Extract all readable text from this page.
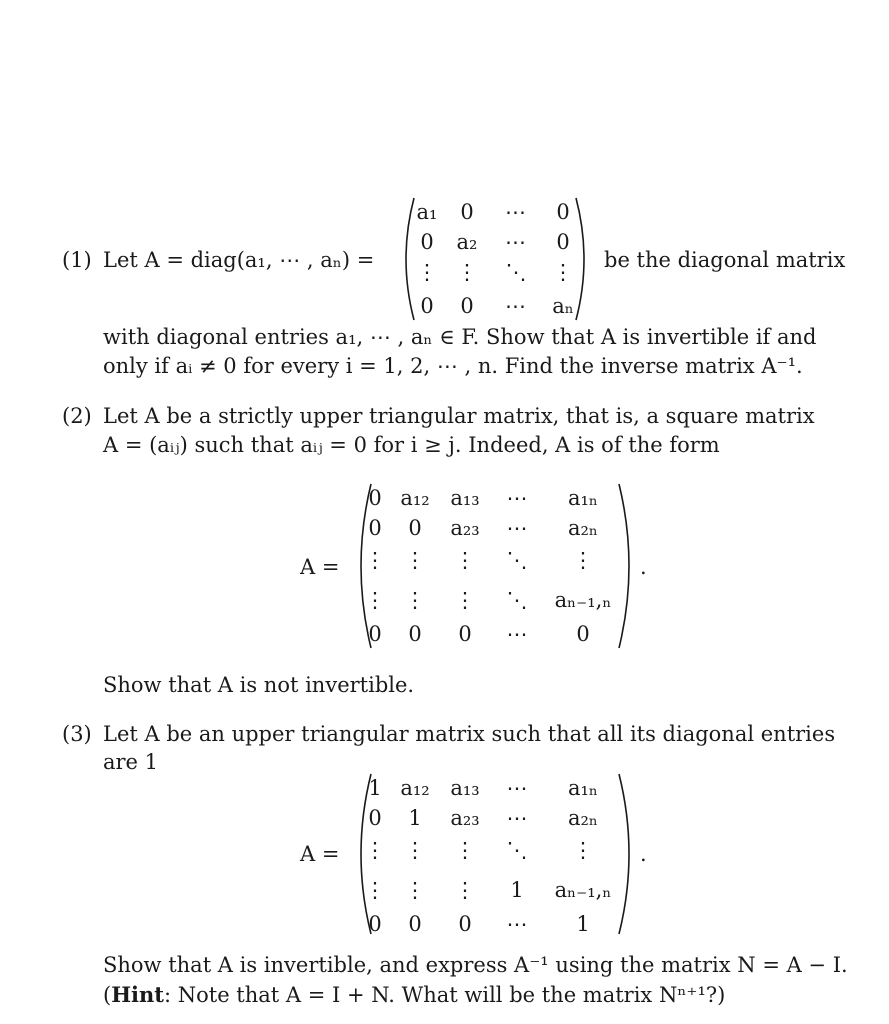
(1) Let A = diag(a₁, ⋯ , aₙ) =
a₁ 0 ⋯ 0
0 a₂ ⋯ 0
⋮ ⋮ ⋱ ⋮
0 0 ⋯ aₙ
be the diagonal matrix
with diagonal entries a₁, ⋯ , aₙ ∈ F. Show that A is invertible if and
only if aᵢ ≠ 0 for every i = 1, 2, ⋯ , n. Find the inverse matrix A⁻¹.
(2) Let A be a strictly upper triangular matrix, that is, a square matrix
A = (aᵢⱼ) such that aᵢⱼ = 0 for i ≥ j. Indeed, A is of the form
A =
0 a₁₂ a₁₃ ⋯ a₁ₙ
0 0 a₂₃ ⋯ a₂ₙ
⋮ ⋮ ⋮ ⋱ ⋮
⋮ ⋮ ⋮ ⋱ aₙ₋₁,ₙ
0 0 0 ⋯ 0
.
Show that A is not invertible.
(3) Let A be an upper triangular matrix such that all its diagonal entries
are 1
A =
1 a₁₂ a₁₃ ⋯ a₁ₙ
0 1 a₂₃ ⋯ a₂ₙ
⋮ ⋮ ⋮ ⋱ ⋮
⋮ ⋮ ⋮ 1 aₙ₋₁,ₙ
0 0 0 ⋯ 1
.
Show that A is invertible, and express A⁻¹ using the matrix N = A − I.
(Hint: Note that A = I + N. What will be the matrix Nⁿ⁺¹?)
